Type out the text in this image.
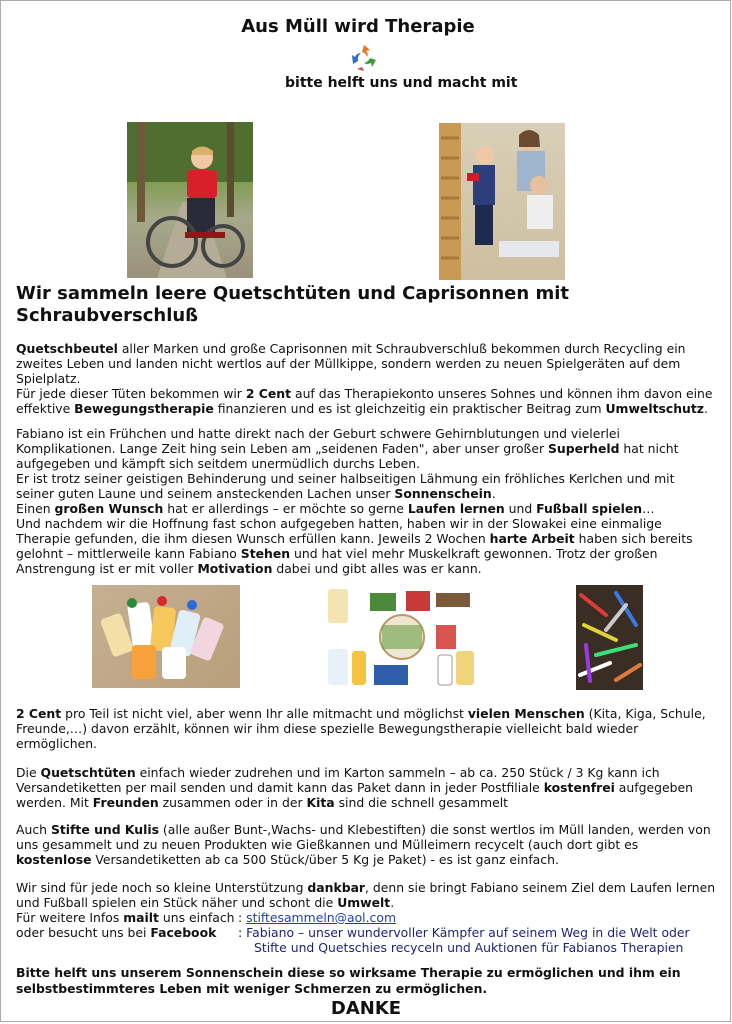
Aus Müll wird Therapie
bitte helft uns und macht mit
Wir sammeln leere Quetschtüten und Caprisonnen mit Schraubverschluß

Quetschbeutel aller Marken und große Caprisonnen mit Schraubverschluß bekommen durch Recycling ein zweites Leben und landen nicht wertlos auf der Müllkippe, sondern werden zu neuen Spielgeräten auf dem Spielplatz.

Für jede dieser Tüten bekommen wir 2 Cent auf das Therapiekonto unseres Sohnes und können ihm davon eine effektive Bewegungstherapie finanzieren und es ist gleichzeitig ein praktischer Beitrag zum Umweltschutz.

Fabiano ist ein Frühchen und hatte direkt nach der Geburt schwere Gehirnblutungen und vielerlei Komplikationen. Lange Zeit hing sein Leben am „seidenen Faden", aber unser großer Superheld hat nicht aufgegeben und kämpft sich seitdem unermüdlich durchs Leben.

Er ist trotz seiner geistigen Behinderung und seiner halbseitigen Lähmung ein fröhliches Kerlchen und mit seiner guten Laune und seinem ansteckenden Lachen unser Sonnenschein.

Einen großen Wunsch hat er allerdings – er möchte so gerne Laufen lernen und Fußball spielen…

Und nachdem wir die Hoffnung fast schon aufgegeben hatten, haben wir in der Slowakei eine einmalige Therapie gefunden, die ihm diesen Wunsch erfüllen kann. Jeweils 2 Wochen harte Arbeit haben sich bereits gelohnt – mittlerweile kann Fabiano Stehen und hat viel mehr Muskelkraft gewonnen. Trotz der großen Anstrengung ist er mit voller Motivation dabei und gibt alles was er kann.

2 Cent pro Teil ist nicht viel, aber wenn Ihr alle mitmacht und möglichst vielen Menschen (Kita, Kiga, Schule, Freunde,…) davon erzählt, können wir ihm diese spezielle Bewegungstherapie vielleicht bald wieder ermöglichen.

Die Quetschtüten einfach wieder zudrehen und im Karton sammeln – ab ca. 250 Stück / 3 Kg kann ich Versandetiketten per mail senden und damit kann das Paket dann in jeder Postfiliale kostenfrei aufgegeben werden. Mit Freunden zusammen oder in der Kita sind die schnell gesammelt

Auch Stifte und Kulis (alle außer Bunt-,Wachs- und Klebestiften) die sonst wertlos im Müll landen, werden von uns gesammelt und zu neuen Produkten wie Gießkannen und Mülleimern recycelt (auch dort gibt es kostenlose Versandetiketten ab ca 500 Stück/über 5 Kg je Paket) - es ist ganz einfach.

Wir sind für jede noch so kleine Unterstützung dankbar, denn sie bringt Fabiano seinem Ziel dem Laufen lernen und Fußball spielen ein Stück näher und schont die Umwelt.

Für weitere Infos mailt uns einfach : stiftesammeln@aol.com
oder besucht uns bei Facebook	: Fabiano – unser wundervoller Kämpfer auf seinem Weg in die Welt oder
Stifte und Quetschies recyceln und Auktionen für Fabianos Therapien
Bitte helft uns unserem Sonnenschein diese so wirksame Therapie zu ermöglichen und ihm ein selbstbestimmteres Leben mit weniger Schmerzen zu ermöglichen.
DANKE
